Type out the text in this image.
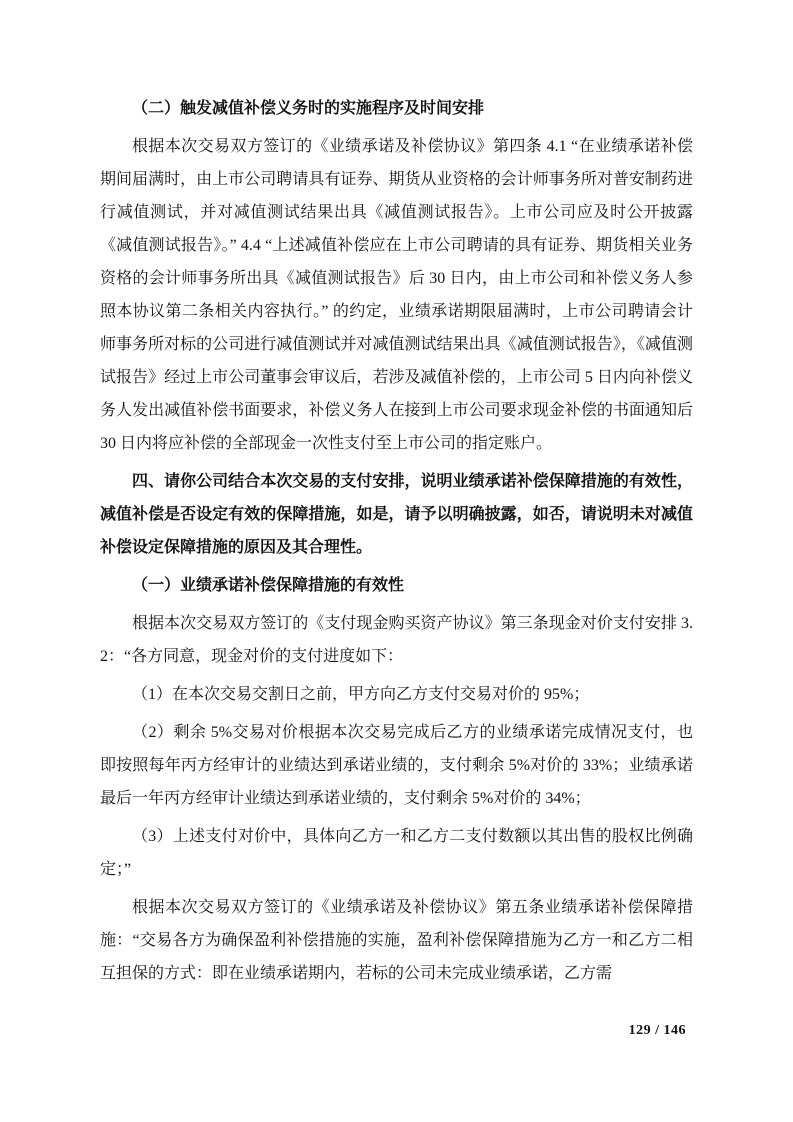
（二）触发减值补偿义务时的实施程序及时间安排

根据本次交易双方签订的《业绩承诺及补偿协议》第四条 4.1 “在业绩承诺补偿期间届满时，由上市公司聘请具有证券、期货从业资格的会计师事务所对普安制药进行减值测试，并对减值测试结果出具《减值测试报告》。上市公司应及时公开披露《减值测试报告》。” 4.4 “上述减值补偿应在上市公司聘请的具有证券、期货相关业务资格的会计师事务所出具《减值测试报告》后 30 日内，由上市公司和补偿义务人参照本协议第二条相关内容执行。” 的约定，业绩承诺期限届满时，上市公司聘请会计师事务所对标的公司进行减值测试并对减值测试结果出具《减值测试报告》，《减值测试报告》经过上市公司董事会审议后，若涉及减值补偿的，上市公司 5 日内向补偿义务人发出减值补偿书面要求，补偿义务人在接到上市公司要求现金补偿的书面通知后 30 日内将应补偿的全部现金一次性支付至上市公司的指定账户。

四、请你公司结合本次交易的支付安排，说明业绩承诺补偿保障措施的有效性，减值补偿是否设定有效的保障措施，如是，请予以明确披露，如否，请说明未对减值补偿设定保障措施的原因及其合理性。

（一）业绩承诺补偿保障措施的有效性

根据本次交易双方签订的《支付现金购买资产协议》第三条现金对价支付安排 3.2：“各方同意，现金对价的支付进度如下：

（1）在本次交易交割日之前，甲方向乙方支付交易对价的 95%；

（2）剩余 5%交易对价根据本次交易完成后乙方的业绩承诺完成情况支付，也即按照每年丙方经审计的业绩达到承诺业绩的，支付剩余 5%对价的 33%；业绩承诺最后一年丙方经审计业绩达到承诺业绩的，支付剩余 5%对价的 34%；

（3）上述支付对价中，具体向乙方一和乙方二支付数额以其出售的股权比例确定；”

根据本次交易双方签订的《业绩承诺及补偿协议》第五条业绩承诺补偿保障措施：“交易各方为确保盈利补偿措施的实施，盈利补偿保障措施为乙方一和乙方二相互担保的方式：即在业绩承诺期内，若标的公司未完成业绩承诺，乙方需

129 / 146
